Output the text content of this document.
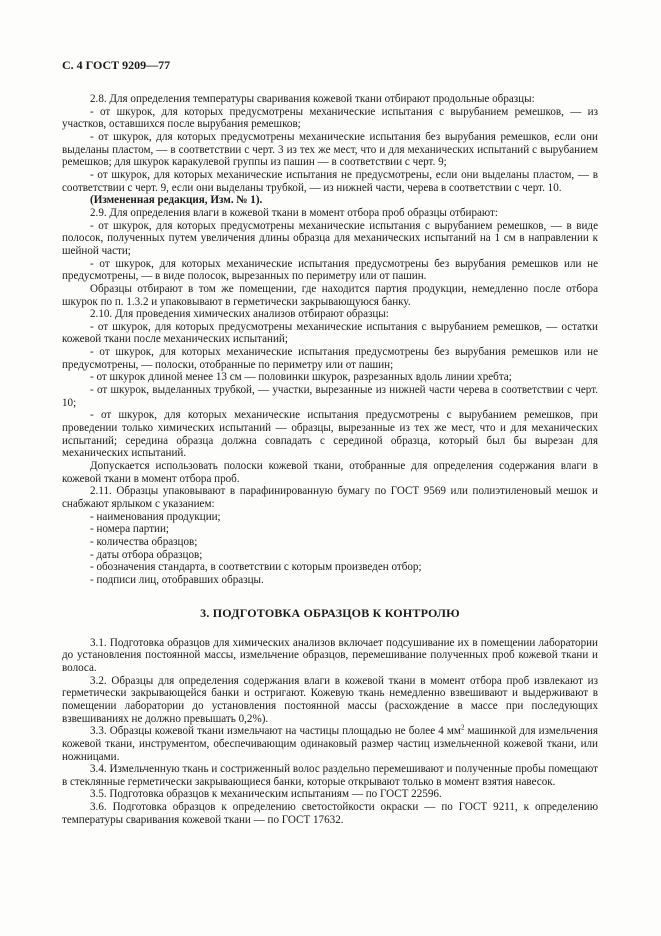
С. 4 ГОСТ 9209—77

2.8. Для определения температуры сваривания кожевой ткани отбирают продольные образцы:

- от шкурок, для которых предусмотрены механические испытания с вырубанием ремешков, — из участков, оставшихся после вырубания ремешков;

- от шкурок, для которых предусмотрены механические испытания без вырубания ремешков, если они выделаны пластом, — в соответствии с черт. 3 из тех же мест, что и для механических испытаний с вырубанием ремешков; для шкурок каракулевой группы из пашин — в соответствии с черт. 9;

- от шкурок, для которых механические испытания не предусмотрены, если они выделаны пластом, — в соответствии с черт. 9, если они выделаны трубкой, — из нижней части, черева в соответствии с черт. 10.

(Измененная редакция, Изм. № 1).

2.9. Для определения влаги в кожевой ткани в момент отбора проб образцы отбирают:

- от шкурок, для которых предусмотрены механические испытания с вырубанием ремешков, — в виде полосок, полученных путем увеличения длины образца для механических испытаний на 1 см в направлении к шейной части;

- от шкурок, для которых механические испытания предусмотрены без вырубания ремешков или не предусмотрены, — в виде полосок, вырезанных по периметру или от пашин.

Образцы отбирают в том же помещении, где находится партия продукции, немедленно после отбора шкурок по п. 1.3.2 и упаковывают в герметически закрывающуюся банку.

2.10. Для проведения химических анализов отбирают образцы:

- от шкурок, для которых предусмотрены механические испытания с вырубанием ремешков, — остатки кожевой ткани после механических испытаний;

- от шкурок, для которых механические испытания предусмотрены без вырубания ремешков или не предусмотрены, — полоски, отобранные по периметру или от пашин;

- от шкурок длиной менее 13 см — половинки шкурок, разрезанных вдоль линии хребта;

- от шкурок, выделанных трубкой, — участки, вырезанные из нижней части черева в соответствии с черт. 10;

- от шкурок, для которых механические испытания предусмотрены с вырубанием ремешков, при проведении только химических испытаний — образцы, вырезанные из тех же мест, что и для механических испытаний; середина образца должна совпадать с серединой образца, который был бы вырезан для механических испытаний.

Допускается использовать полоски кожевой ткани, отобранные для определения содержания влаги в кожевой ткани в момент отбора проб.

2.11. Образцы упаковывают в парафинированную бумагу по ГОСТ 9569 или полиэтиленовый мешок и снабжают ярлыком с указанием:

- наименования продукции;

- номера партии;

- количества образцов;

- даты отбора образцов;

- обозначения стандарта, в соответствии с которым произведен отбор;

- подписи лиц, отобравших образцы.

3. ПОДГОТОВКА ОБРАЗЦОВ К КОНТРОЛЮ

3.1. Подготовка образцов для химических анализов включает подсушивание их в помещении лаборатории до установления постоянной массы, измельчение образцов, перемешивание полученных проб кожевой ткани и волоса.

3.2. Образцы для определения содержания влаги в кожевой ткани в момент отбора проб извлекают из герметически закрывающейся банки и остригают. Кожевую ткань немедленно взвешивают и выдерживают в помещении лаборатории до установления постоянной массы (расхождение в массе при последующих взвешиваниях не должно превышать 0,2%).

3.3. Образцы кожевой ткани измельчают на частицы площадью не более 4 $мм^2$ машинкой для измельчения кожевой ткани, инструментом, обеспечивающим одинаковый размер частиц измельченной кожевой ткани, или ножницами.

3.4. Измельченную ткань и состриженный волос раздельно перемешивают и полученные пробы помещают в стеклянные герметически закрывающиеся банки, которые открывают только в момент взятия навесок.

3.5. Подготовка образцов к механическим испытаниям — по ГОСТ 22596.

3.6. Подготовка образцов к определению светостойкости окраски — по ГОСТ 9211, к определению температуры сваривания кожевой ткани — по ГОСТ 17632.
